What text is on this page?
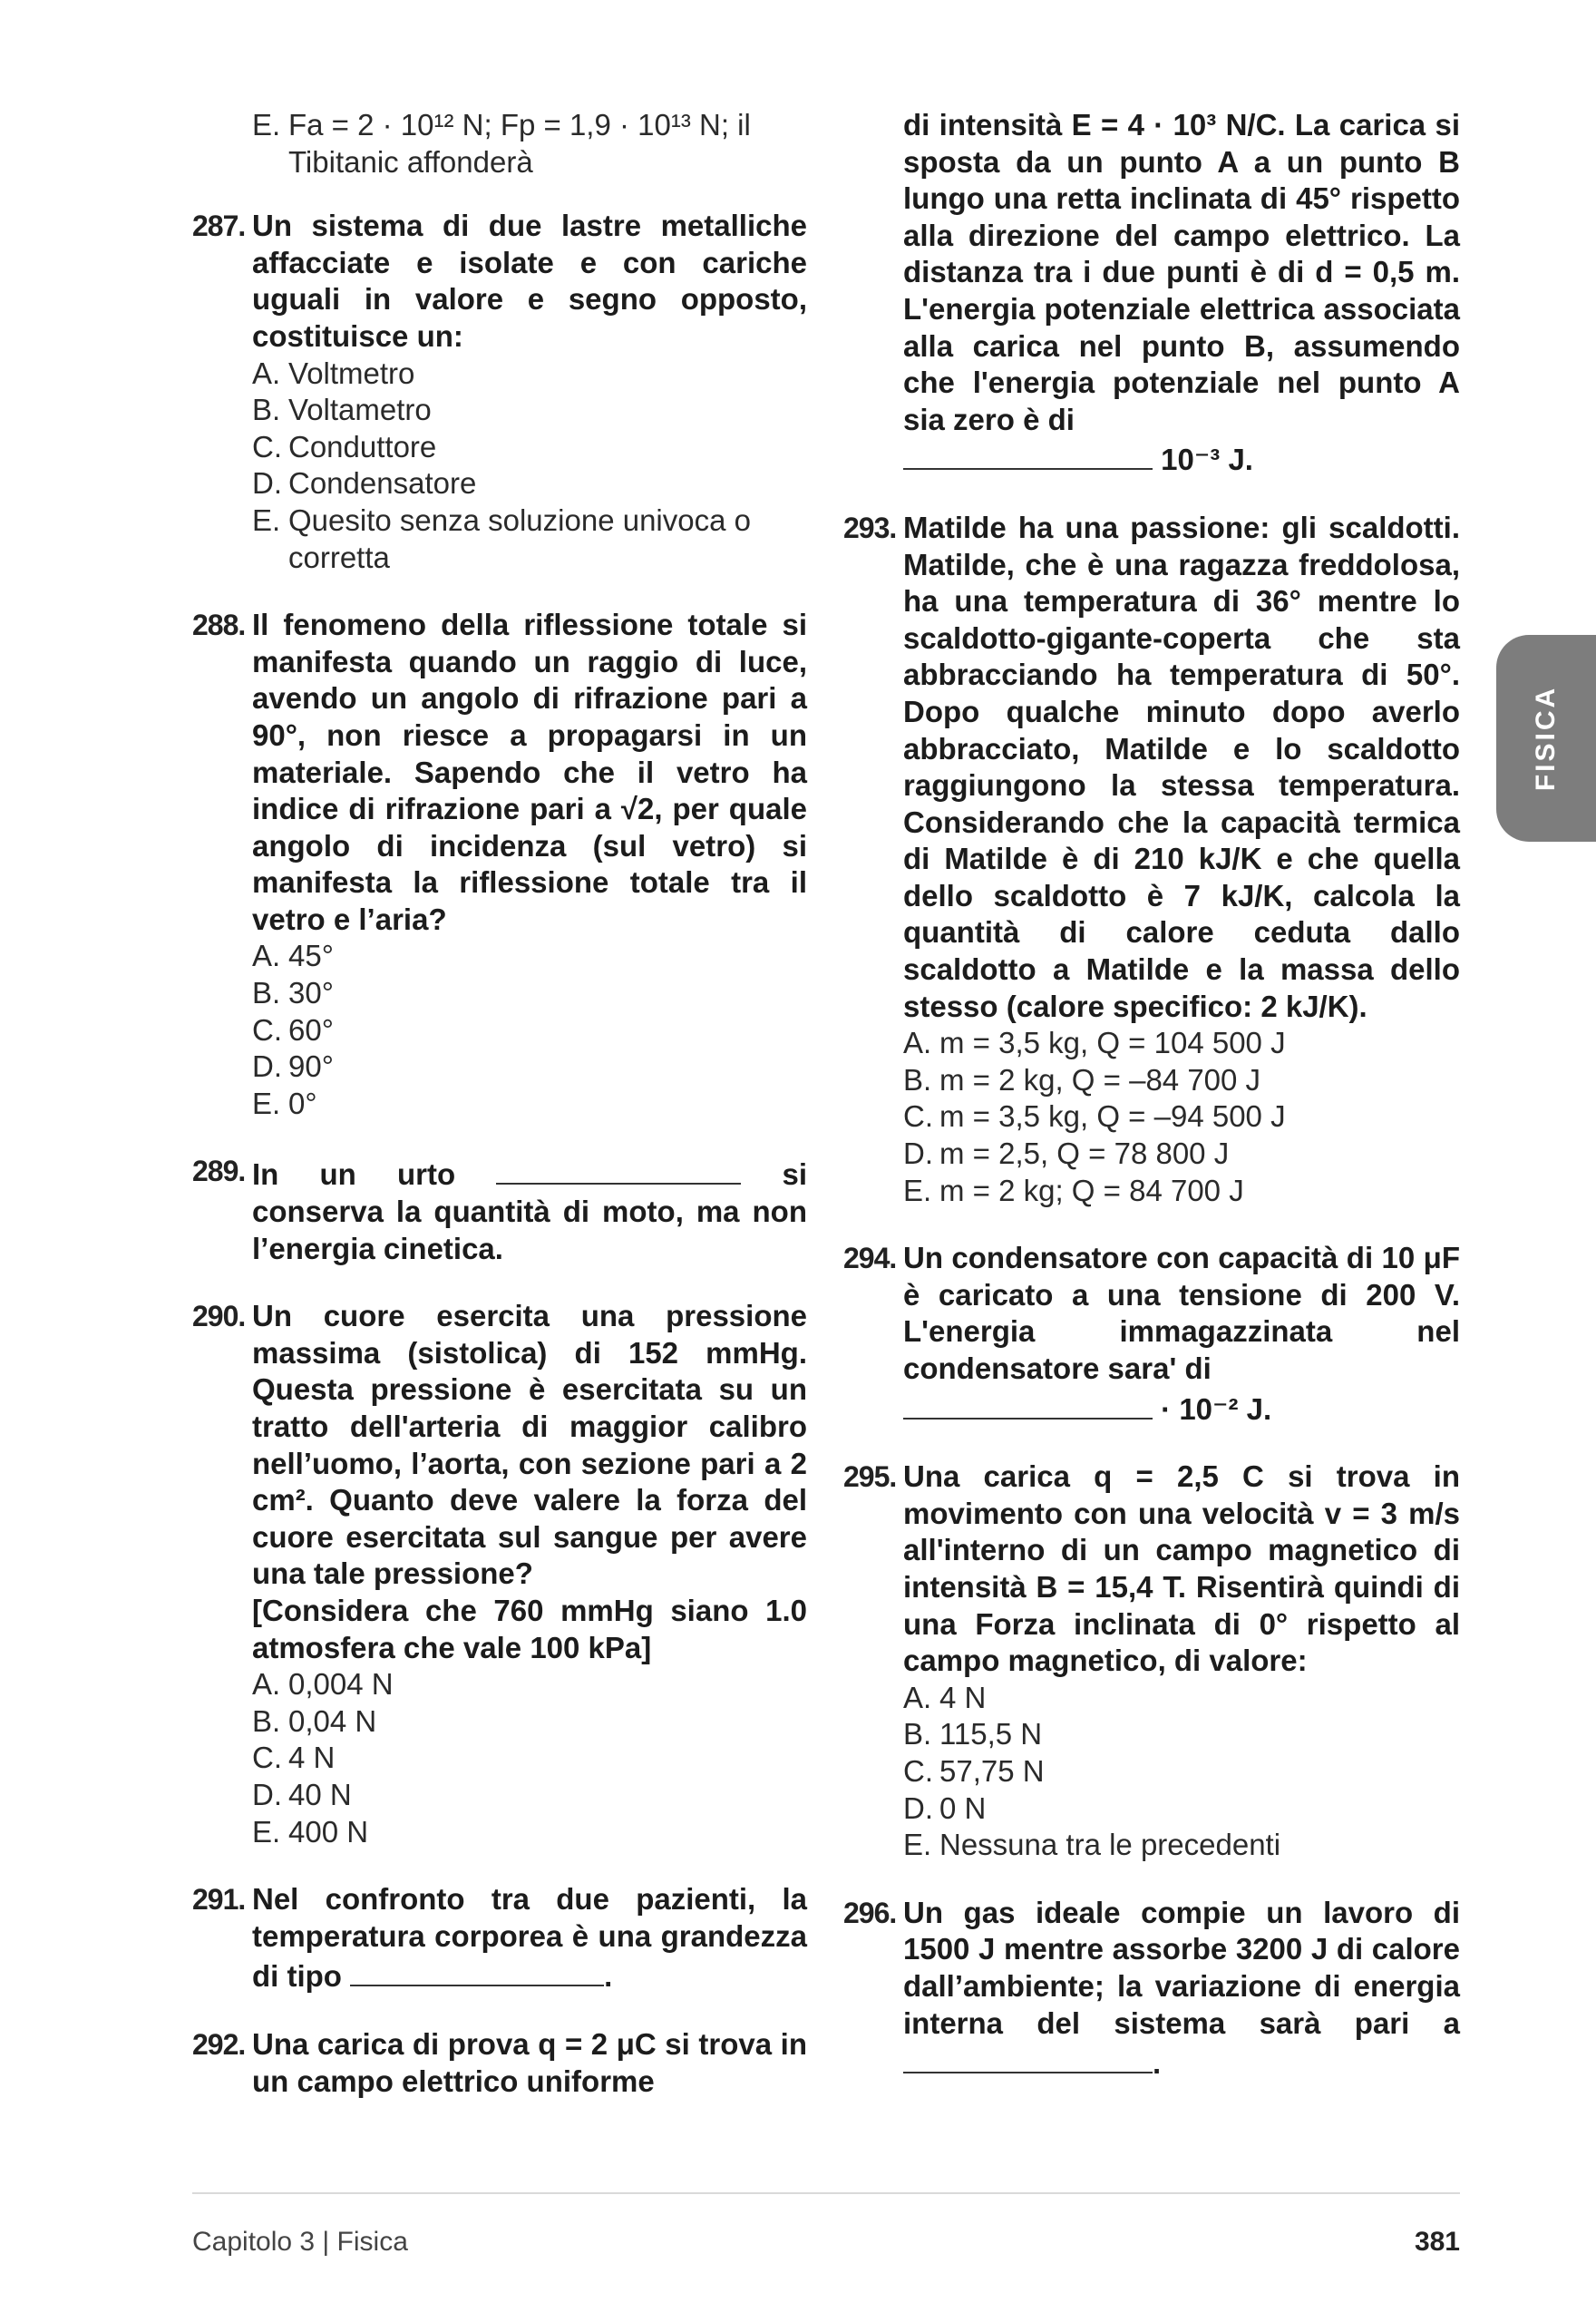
E. Fa = 2 · 10¹² N; Fp = 1,9 · 10¹³ N; il Tibitanic affonderà
287. Un sistema di due lastre metalliche affacciate e isolate e con cariche uguali in valore e segno opposto, costituisce un:
A. Voltmetro
B. Voltametro
C. Conduttore
D. Condensatore
E. Quesito senza soluzione univoca o corretta
288. Il fenomeno della riflessione totale si manifesta quando un raggio di luce, avendo un angolo di rifrazione pari a 90°, non riesce a propagarsi in un materiale. Sapendo che il vetro ha indice di rifrazione pari a √2, per quale angolo di incidenza (sul vetro) si manifesta la riflessione totale tra il vetro e l’aria?
A. 45°
B. 30°
C. 60°
D. 90°
E. 0°
289. In un urto	si conserva la quantità di moto, ma non l’energia cinetica.
290. Un cuore esercita una pressione massima (sistolica) di 152 mmHg. Questa pressione è esercitata su un tratto dell'arteria di maggior calibro nell’uomo, l’aorta, con sezione pari a 2 cm². Quanto deve valere la forza del cuore esercitata sul sangue per avere una tale pressione?
[Considera che 760 mmHg siano 1.0 atmosfera che vale 100 kPa]
A. 0,004 N
B. 0,04 N
C. 4 N
D. 40 N
E. 400 N
291. Nel confronto tra due pazienti, la temperatura corporea è una grandezza di tipo	.
292. Una carica di prova q = 2 μC si trova in un campo elettrico uniforme
di intensità E = 4 · 10³ N/C. La carica si sposta da un punto A a un punto B lungo una retta inclinata di 45° rispetto alla direzione del campo elettrico. La distanza tra i due punti è di d = 0,5 m. L'energia potenziale elettrica associata alla carica nel punto B, assumendo che l'energia potenziale nel punto A sia zero è di
10⁻³ J.
293. Matilde ha una passione: gli scaldotti. Matilde, che è una ragazza freddolosa, ha una temperatura di 36° mentre lo scaldotto-gigante-coperta che sta abbracciando ha temperatura di 50°. Dopo qualche minuto dopo averlo abbracciato, Matilde e lo scaldotto raggiungono la stessa temperatura. Considerando che la capacità termica di Matilde è di 210 kJ/K e che quella dello scaldotto è 7 kJ/K, calcola la quantità di calore ceduta dallo scaldotto a Matilde e la massa dello stesso (calore specifico: 2 kJ/K).
A. m = 3,5 kg, Q = 104 500 J
B. m = 2 kg, Q = –84 700 J
C. m = 3,5 kg, Q = –94 500 J
D. m = 2,5, Q = 78 800 J
E. m = 2 kg; Q = 84 700 J
294. Un condensatore con capacità di 10 μF è caricato a una tensione di 200 V. L'energia immagazzinata nel condensatore sara' di
· 10⁻² J.
295. Una carica q = 2,5 C si trova in movimento con una velocità v = 3 m/s all'interno di un campo magnetico di intensità B = 15,4 T. Risentirà quindi di una Forza inclinata di 0° rispetto al campo magnetico, di valore:
A. 4 N
B. 115,5 N
C. 57,75 N
D. 0 N
E. Nessuna tra le precedenti
296. Un gas ideale compie un lavoro di 1500 J mentre assorbe 3200 J di calore dall’ambiente; la variazione di energia interna del sistema sarà pari a .
FISICA
Capitolo 3 | Fisica	381
